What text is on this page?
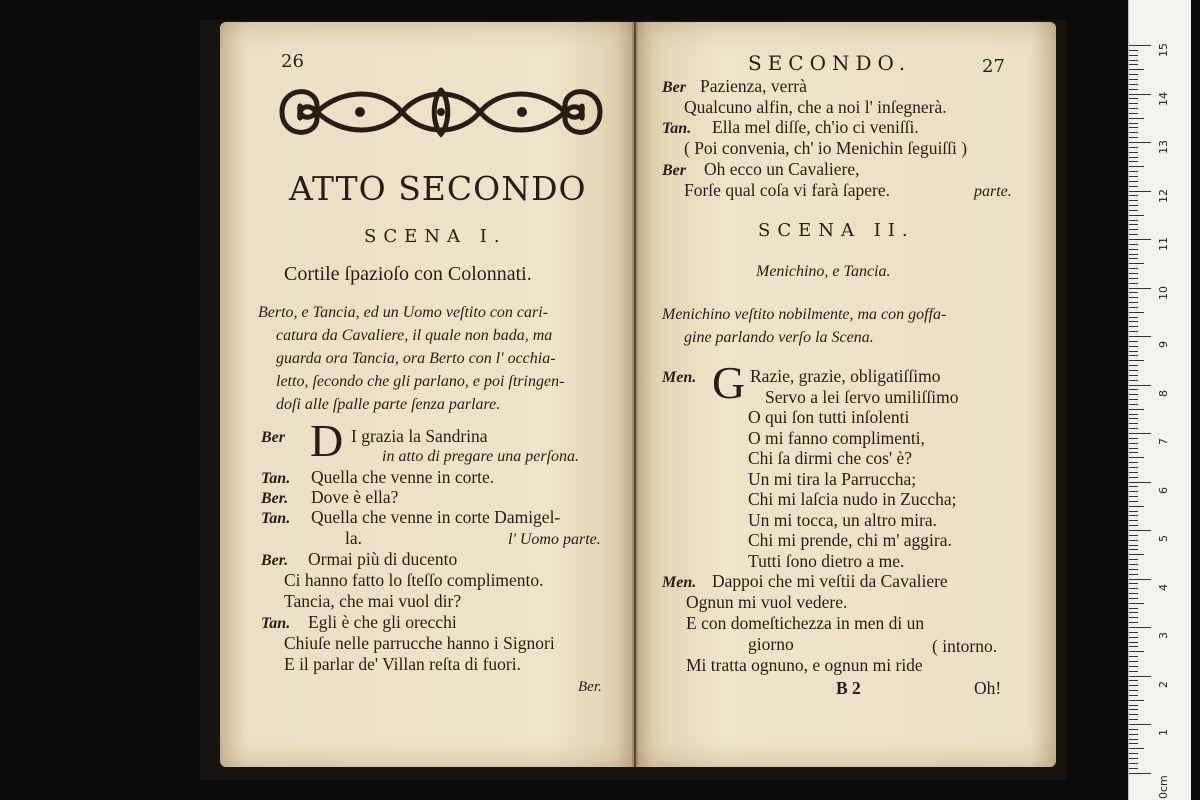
26
ATTO SECONDO
SCENA I.
Cortile ſpazioſo con Colonnati.
Berto, e Tancia, ed un Uomo veſtito con cari-
catura da Cavaliere, il quale non bada, ma
guarda ora Tancia, ora Berto con l' occhia-
letto, ſecondo che gli parlano, e poi ſtringen-
doſi alle ſpalle parte ſenza parlare.
Ber D I grazia la Sandrina
in atto di pregare una perſona.
Tan. Quella che venne in corte.
Ber. Dove è ella?
Tan. Quella che venne in corte Damigel-
la.	l' Uomo parte.
Ber. Ormai più di ducento
Ci hanno fatto lo ſteſſo complimento.
Tancia, che mai vuol dir?
Tan. Egli è che gli orecchi
Chiuſe nelle parrucche hanno i Signori
E il parlar de' Villan reſta di fuori.
Ber.
SECONDO.	27
Ber Pazienza, verrà
Qualcuno alfin, che a noi l' inſegnerà.
Tan. Ella mel diſſe, ch'io ci veniſſi.
( Poi convenia, ch' io Menichin ſeguiſſi )
Ber Oh ecco un Cavaliere,
Forſe qual coſa vi farà ſapere.	parte.
SCENA II.
Menichino, e Tancia.
Menichino veſtito nobilmente, ma con goffa-
gine parlando verſo la Scena.
Men. G Razie, grazie, obligatiſſimo
Servo a lei ſervo umiliſſimo
O qui ſon tutti inſolenti
O mi fanno complimenti,
Chi ſa dirmi che cos' è?
Un mi tira la Parruccha;
Chi mi laſcia nudo in Zuccha;
Un mi tocca, un altro mira.
Chi mi prende, chi m' aggira.
Tutti ſono dietro a me.
Men. Dappoi che mi veſtii da Cavaliere
Ognun mi vuol vedere.
E con domeſtichezza in men di un
giorno	( intorno.
Mi tratta ognuno, e ognun mi ride
B 2	Oh!
15
14
13
12
11
10
9
8
7
6
5
4
3
2
1
0cm
